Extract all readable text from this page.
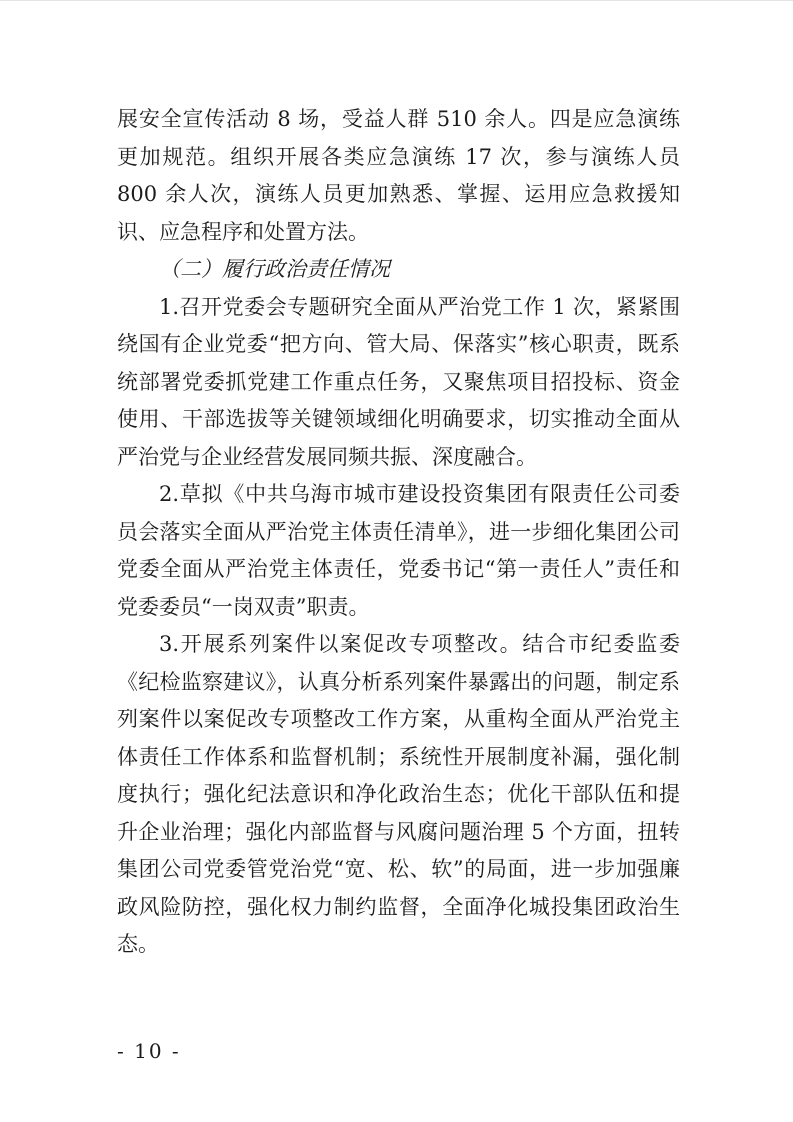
展安全宣传活动 8 场，受益人群 510 余人。四是应急演练更加规范。组织开展各类应急演练 17 次，参与演练人员 800 余人次，演练人员更加熟悉、掌握、运用应急救援知识、应急程序和处置方法。

（二）履行政治责任情况

1.召开党委会专题研究全面从严治党工作 1 次，紧紧围绕国有企业党委“把方向、管大局、保落实”核心职责，既系统部署党委抓党建工作重点任务，又聚焦项目招投标、资金使用、干部选拔等关键领域细化明确要求，切实推动全面从严治党与企业经营发展同频共振、深度融合。

2.草拟《中共乌海市城市建设投资集团有限责任公司委员会落实全面从严治党主体责任清单》，进一步细化集团公司党委全面从严治党主体责任，党委书记“第一责任人”责任和党委委员“一岗双责”职责。

3.开展系列案件以案促改专项整改。结合市纪委监委《纪检监察建议》，认真分析系列案件暴露出的问题，制定系列案件以案促改专项整改工作方案，从重构全面从严治党主体责任工作体系和监督机制；系统性开展制度补漏，强化制度执行；强化纪法意识和净化政治生态；优化干部队伍和提升企业治理；强化内部监督与风腐问题治理 5 个方面，扭转集团公司党委管党治党“宽、松、软”的局面，进一步加强廉政风险防控，强化权力制约监督，全面净化城投集团政治生态。

- 10 -
